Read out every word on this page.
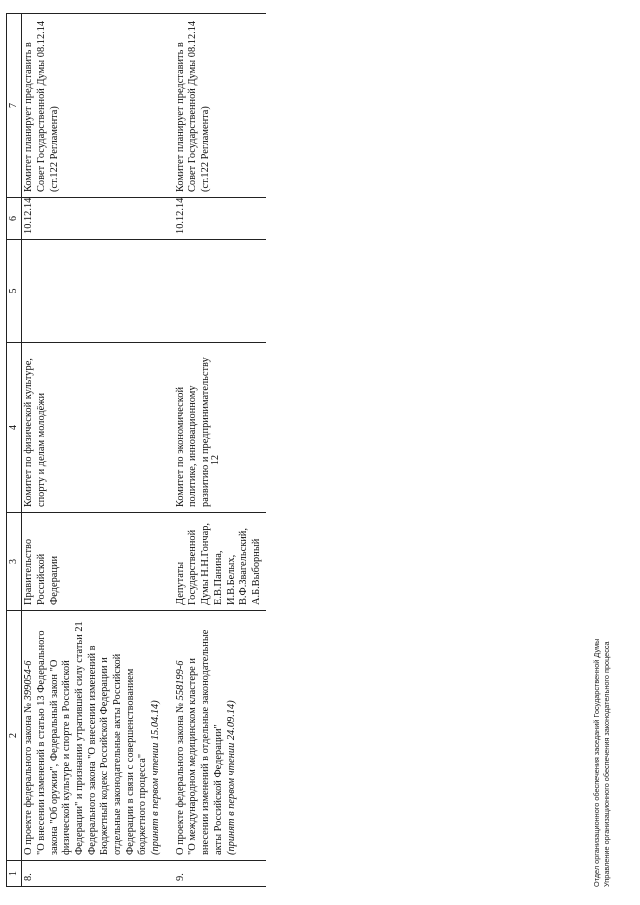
12
1	2	3	4	5	6	7
8.	О проекте федерального закона № 399054-6 "О внесении изменений в статью 13 Федерального закона "Об оружии", Федеральный закон "О физической культуре и спорте в Российской Федерации" и признании утратившей силу статьи 21 Федерального закона "О внесении изменений в Бюджетный кодекс Российской Федерации и отдельные законодательные акты Российской Федерации в связи с совершенствованием бюджетного процесса" (принят в первом чтении 15.04.14)	Правительство Российской Федерации	Комитет по физической культуре, спорту и делам молодёжи		10.12.14	Комитет планирует представить в Совет Государственной Думы 08.12.14 (ст.122 Регламента)

9.	О проекте федерального закона № 558199-6 "О международном медицинском кластере и внесении изменений в отдельные законодательные акты Российской Федерации" (принят в первом чтении 24.09.14)	Депутаты Государственной Думы Н.Н.Гончар, Е.В.Панина, И.В.Белых, В.Ф.Звагельский, А.Б.Выборный	Комитет по экономической политике, инновационному развитию и предпринимательству		10.12.14	Комитет планирует представить в Совет Государственной Думы 08.12.14 (ст.122 Регламента)
Отдел организационного обеспечения заседаний Государственной Думы Управление организационного обеспечения законодательного процесса
